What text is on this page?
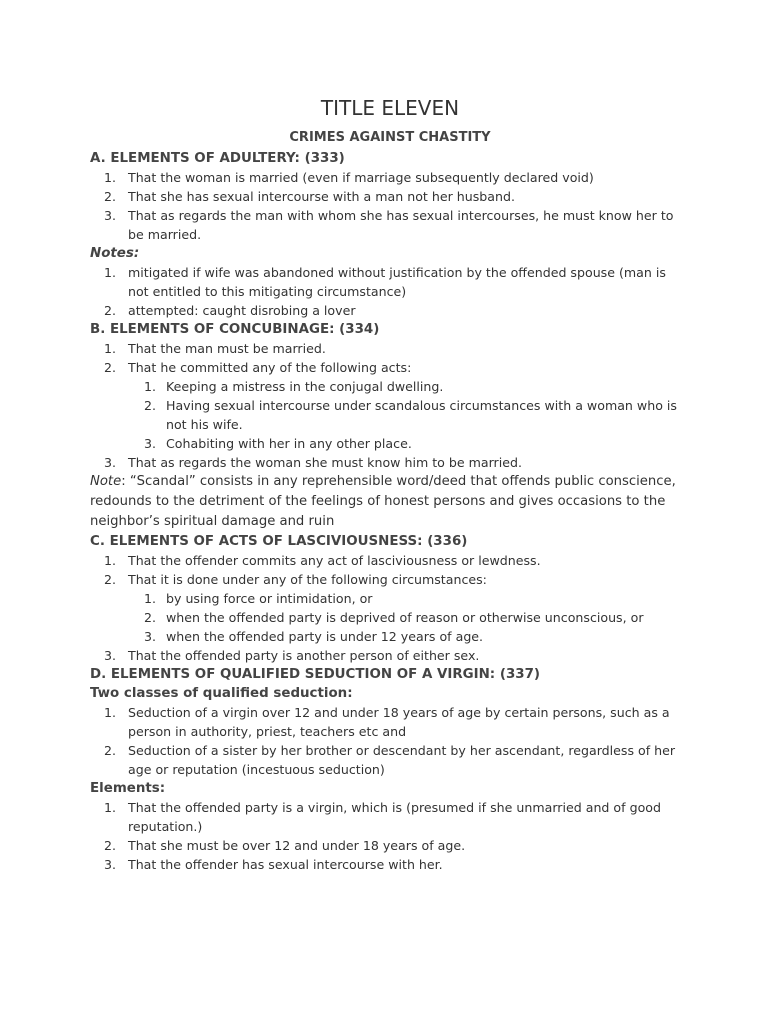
TITLE ELEVEN
CRIMES AGAINST CHASTITY
A. ELEMENTS OF ADULTERY: (333)
1. That the woman is married (even if marriage subsequently declared void)
2. That she has sexual intercourse with a man not her husband.
3. That as regards the man with whom she has sexual intercourses, he must know her to be married.
Notes:
1. mitigated if wife was abandoned without justification by the offended spouse (man is not entitled to this mitigating circumstance)
2. attempted: caught disrobing a lover
B. ELEMENTS OF CONCUBINAGE: (334)
1. That the man must be married.
2. That he committed any of the following acts:
1. Keeping a mistress in the conjugal dwelling.
2. Having sexual intercourse under scandalous circumstances with a woman who is not his wife.
3. Cohabiting with her in any other place.
3. That as regards the woman she must know him to be married.

Note: “Scandal” consists in any reprehensible word/deed that offends public conscience, redounds to the detriment of the feelings of honest persons and gives occasions to the neighbor’s spiritual damage and ruin

C. ELEMENTS OF ACTS OF LASCIVIOUSNESS: (336)
1. That the offender commits any act of lasciviousness or lewdness.
2. That it is done under any of the following circumstances:
1. by using force or intimidation, or
2. when the offended party is deprived of reason or otherwise unconscious, or
3. when the offended party is under 12 years of age.
3. That the offended party is another person of either sex.
D. ELEMENTS OF QUALIFIED SEDUCTION OF A VIRGIN: (337)
Two classes of qualified seduction:
1. Seduction of a virgin over 12 and under 18 years of age by certain persons, such as a person in authority, priest, teachers etc and
2. Seduction of a sister by her brother or descendant by her ascendant, regardless of her age or reputation (incestuous seduction)
Elements:
1. That the offended party is a virgin, which is (presumed if she unmarried and of good reputation.)
2. That she must be over 12 and under 18 years of age.
3. That the offender has sexual intercourse with her.
